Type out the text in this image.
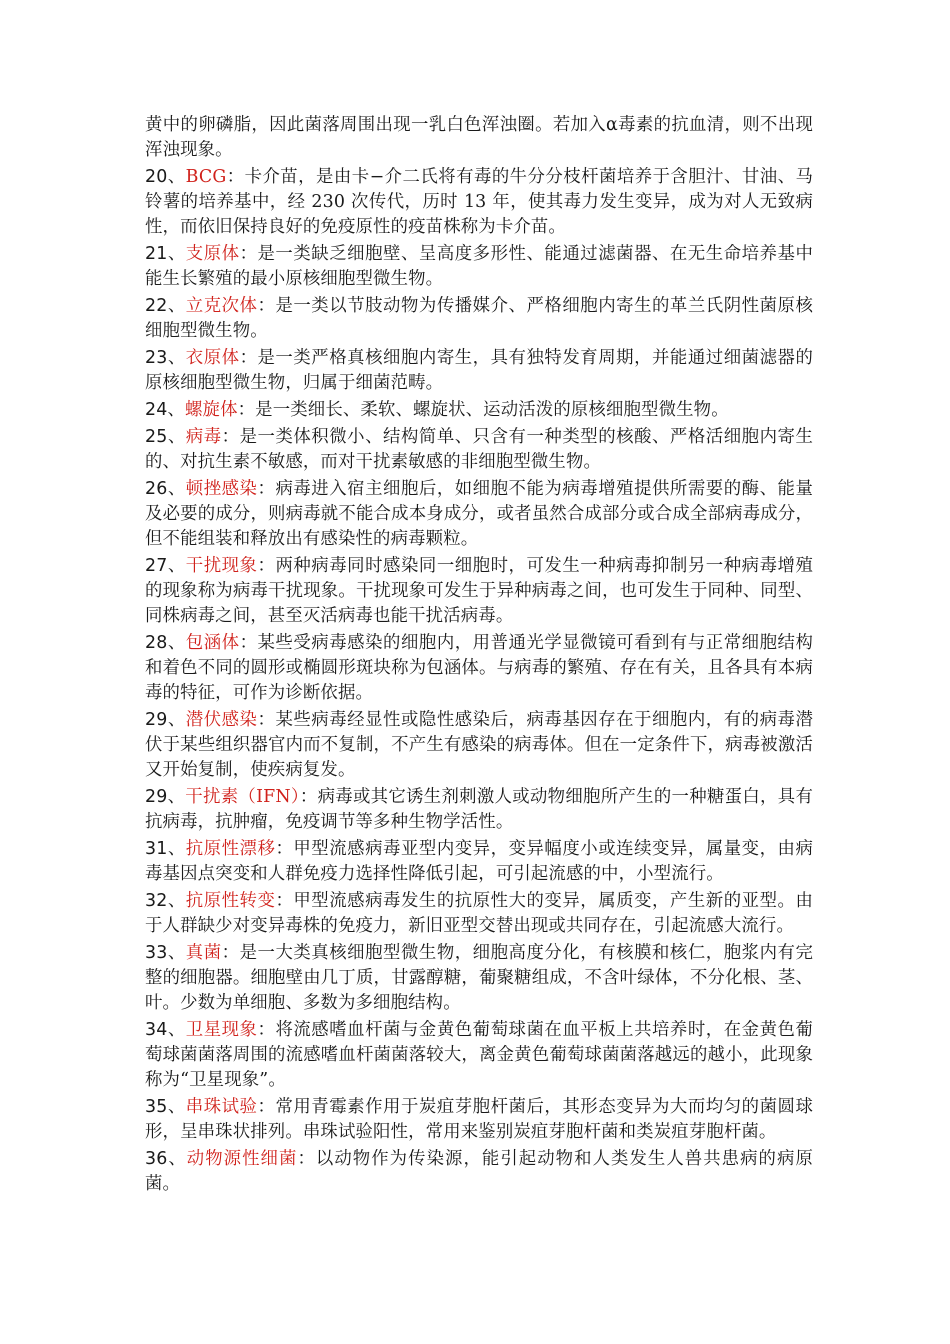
黄中的卵磷脂，因此菌落周围出现一乳白色浑浊圈。若加入α毒素的抗血清，则不出现浑浊现象。

20、BCG：卡介苗，是由卡−介二氏将有毒的牛分分枝杆菌培养于含胆汁、甘油、马铃薯的培养基中，经 230 次传代，历时 13 年，使其毒力发生变异，成为对人无致病性，而依旧保持良好的免疫原性的疫苗株称为卡介苗。

21、支原体：是一类缺乏细胞壁、呈高度多形性、能通过滤菌器、在无生命培养基中能生长繁殖的最小原核细胞型微生物。

22、立克次体：是一类以节肢动物为传播媒介、严格细胞内寄生的革兰氏阴性菌原核细胞型微生物。

23、衣原体：是一类严格真核细胞内寄生，具有独特发育周期，并能通过细菌滤器的原核细胞型微生物，归属于细菌范畴。

24、螺旋体：是一类细长、柔软、螺旋状、运动活泼的原核细胞型微生物。

25、病毒：是一类体积微小、结构简单、只含有一种类型的核酸、严格活细胞内寄生的、对抗生素不敏感，而对干扰素敏感的非细胞型微生物。

26、顿挫感染：病毒进入宿主细胞后，如细胞不能为病毒增殖提供所需要的酶、能量及必要的成分，则病毒就不能合成本身成分，或者虽然合成部分或合成全部病毒成分，但不能组装和释放出有感染性的病毒颗粒。

27、干扰现象：两种病毒同时感染同一细胞时，可发生一种病毒抑制另一种病毒增殖的现象称为病毒干扰现象。干扰现象可发生于异种病毒之间，也可发生于同种、同型、同株病毒之间，甚至灭活病毒也能干扰活病毒。

28、包涵体：某些受病毒感染的细胞内，用普通光学显微镜可看到有与正常细胞结构和着色不同的圆形或椭圆形斑块称为包涵体。与病毒的繁殖、存在有关，且各具有本病毒的特征，可作为诊断依据。

29、潜伏感染：某些病毒经显性或隐性感染后，病毒基因存在于细胞内，有的病毒潜伏于某些组织器官内而不复制，不产生有感染的病毒体。但在一定条件下，病毒被激活又开始复制，使疾病复发。

29、干扰素（IFN）：病毒或其它诱生剂刺激人或动物细胞所产生的一种糖蛋白，具有抗病毒，抗肿瘤，免疫调节等多种生物学活性。

31、抗原性漂移：甲型流感病毒亚型内变异，变异幅度小或连续变异，属量变，由病毒基因点突变和人群免疫力选择性降低引起，可引起流感的中，小型流行。

32、抗原性转变：甲型流感病毒发生的抗原性大的变异，属质变，产生新的亚型。由于人群缺少对变异毒株的免疫力，新旧亚型交替出现或共同存在，引起流感大流行。

33、真菌：是一大类真核细胞型微生物，细胞高度分化，有核膜和核仁，胞浆内有完整的细胞器。细胞壁由几丁质，甘露醇糖，葡聚糖组成，不含叶绿体，不分化根、茎、叶。少数为单细胞、多数为多细胞结构。

34、卫星现象：将流感嗜血杆菌与金黄色葡萄球菌在血平板上共培养时，在金黄色葡萄球菌菌落周围的流感嗜血杆菌菌落较大，离金黄色葡萄球菌菌落越远的越小，此现象称为“卫星现象”。

35、串珠试验：常用青霉素作用于炭疽芽胞杆菌后，其形态变异为大而均匀的菌圆球形，呈串珠状排列。串珠试验阳性，常用来鉴别炭疽芽胞杆菌和类炭疽芽胞杆菌。

36、动物源性细菌：以动物作为传染源，能引起动物和人类发生人兽共患病的病原菌。
